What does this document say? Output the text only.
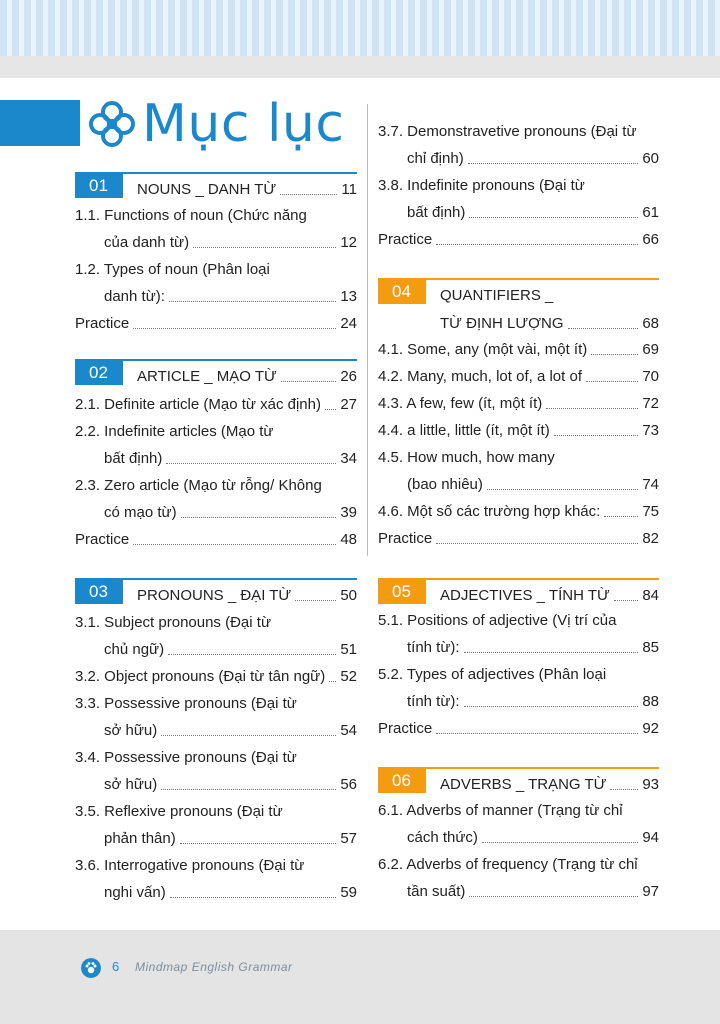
Mục lục
01	NOUNS _ DANH TỪ	11
1.1. Functions of noun (Chức năng
của danh từ)	12
1.2. Types of noun (Phân loại
danh từ):	13
Practice	24
02	ARTICLE _ MẠO TỪ	26
2.1. Definite article (Mạo từ xác định) 27
2.2. Indefinite articles (Mạo từ
bất định)	34
2.3. Zero article (Mạo từ rỗng/ Không
có mạo từ)	39
Practice	48
03	PRONOUNS _ ĐẠI TỪ	50
3.1. Subject pronouns (Đại từ
chủ ngữ)	51
3.2. Object pronouns (Đại từ tân ngữ) 52
3.3. Possessive pronouns (Đại từ
sở hữu)	54
3.4. Possessive pronouns (Đại từ
sở hữu)	56
3.5. Reflexive pronouns (Đại từ
phản thân)	57
3.6. Interrogative pronouns (Đại từ
nghi vấn)	59
3.7. Demonstravetive pronouns (Đại từ
chỉ định)	60
3.8. Indefinite pronouns (Đại từ
bất định)	61
Practice	66
04	QUANTIFIERS _
TỪ ĐỊNH LƯỢNG	68
4.1. Some, any (một vài, một ít)	69
4.2. Many, much, lot of, a lot of	70
4.3. A few, few (ít, một ít)	72
4.4. a little, little (ít, một ít)	73
4.5. How much, how many
(bao nhiêu)	74
4.6. Một số các trường hợp khác:	75
Practice	82
05	ADJECTIVES _ TÍNH TỪ 84
5.1. Positions of adjective (Vị trí của
tính từ):	85
5.2. Types of adjectives (Phân loại
tính từ):	88
Practice	92
06	ADVERBS _ TRẠNG TỪ 93
6.1. Adverbs of manner (Trạng từ chỉ
cách thức)	94
6.2. Adverbs of frequency (Trạng từ chỉ
tần suất)	97
6 Mindmap English Grammar
